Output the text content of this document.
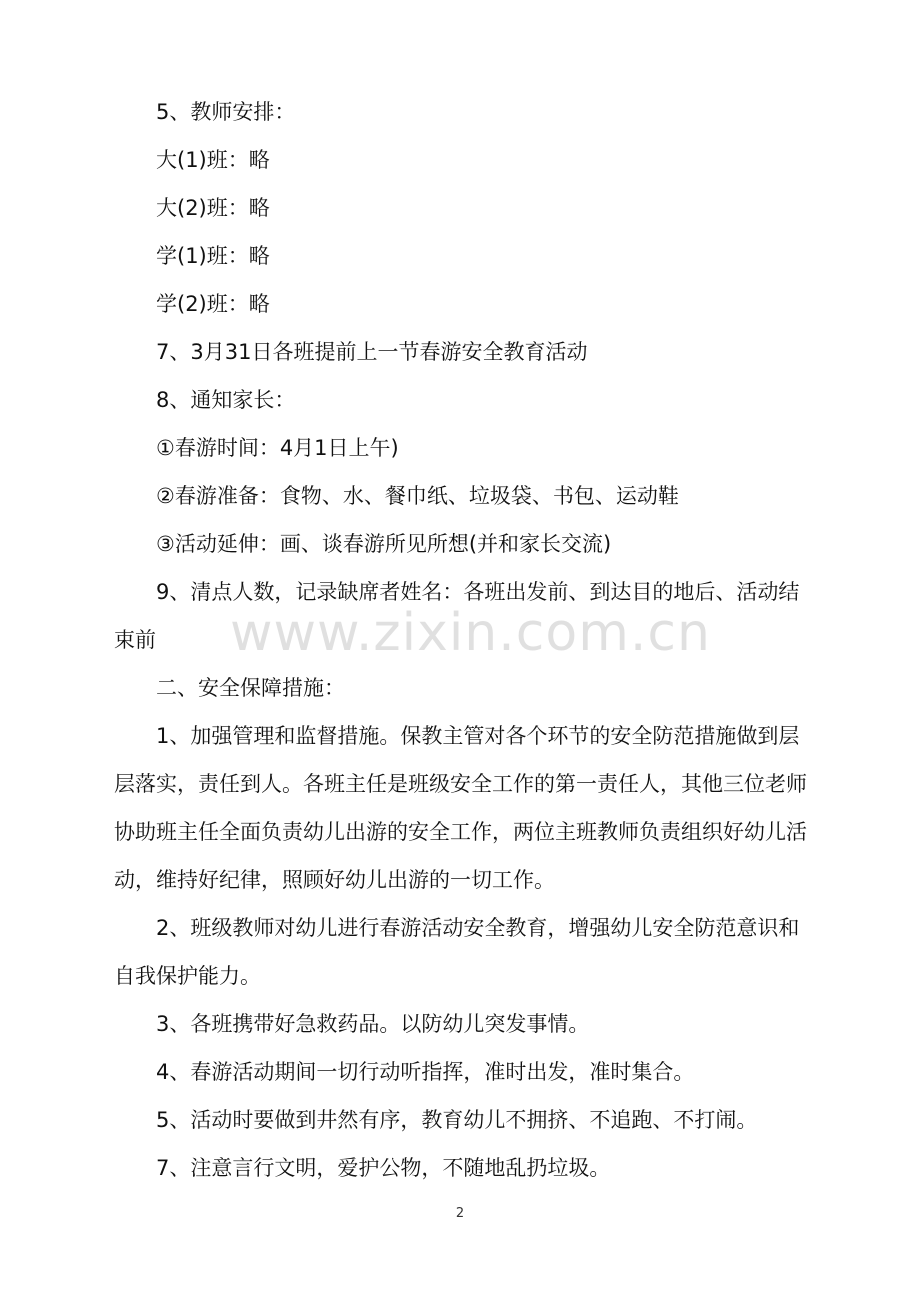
5、教师安排：

大(1)班：略

大(2)班：略

学(1)班：略

学(2)班：略

7、3月31日各班提前上一节春游安全教育活动

8、通知家长：

①春游时间：4月1日上午)

②春游准备：食物、水、餐巾纸、垃圾袋、书包、运动鞋

③活动延伸：画、谈春游所见所想(并和家长交流)

9、清点人数，记录缺席者姓名：各班出发前、到达目的地后、活动结束前

二、安全保障措施：

1、加强管理和监督措施。保教主管对各个环节的安全防范措施做到层层落实，责任到人。各班主任是班级安全工作的第一责任人，其他三位老师协助班主任全面负责幼儿出游的安全工作，两位主班教师负责组织好幼儿活动，维持好纪律，照顾好幼儿出游的一切工作。

2、班级教师对幼儿进行春游活动安全教育，增强幼儿安全防范意识和自我保护能力。

3、各班携带好急救药品。以防幼儿突发事情。

4、春游活动期间一切行动听指挥，准时出发，准时集合。

5、活动时要做到井然有序，教育幼儿不拥挤、不追跑、不打闹。

7、注意言行文明，爱护公物，不随地乱扔垃圾。

www.zixin.com.cn
2
